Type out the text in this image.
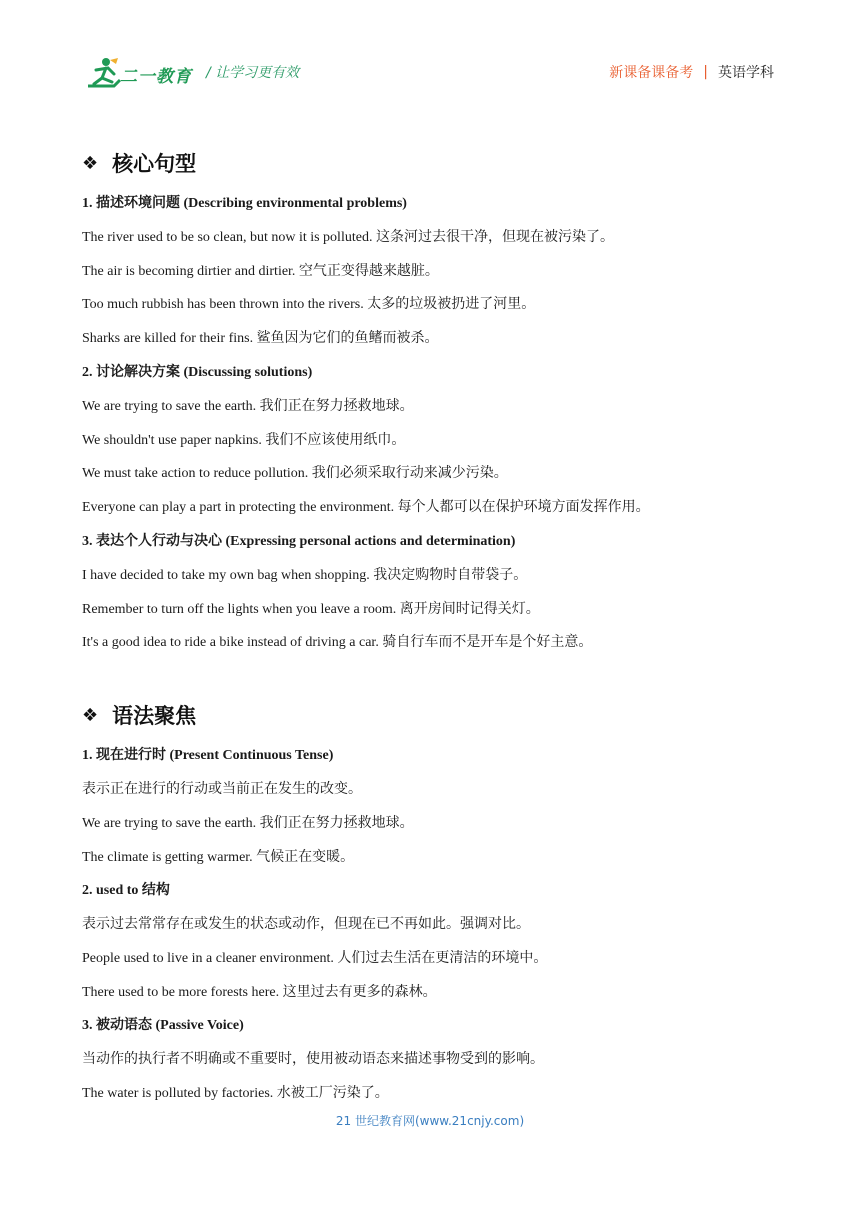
二一教育 / 让学习更有效	新课备课备考 | 英语学科
❖ 核心句型
1. 描述环境问题 (Describing environmental problems)
The river used to be so clean, but now it is polluted. 这条河过去很干净，但现在被污染了。
The air is becoming dirtier and dirtier. 空气正变得越来越脏。
Too much rubbish has been thrown into the rivers. 太多的垃圾被扔进了河里。
Sharks are killed for their fins. 鲨鱼因为它们的鱼鳍而被杀。
2. 讨论解决方案 (Discussing solutions)
We are trying to save the earth. 我们正在努力拯救地球。
We shouldn't use paper napkins. 我们不应该使用纸巾。
We must take action to reduce pollution. 我们必须采取行动来减少污染。
Everyone can play a part in protecting the environment. 每个人都可以在保护环境方面发挥作用。
3. 表达个人行动与决心 (Expressing personal actions and determination)
I have decided to take my own bag when shopping. 我决定购物时自带袋子。
Remember to turn off the lights when you leave a room. 离开房间时记得关灯。
It's a good idea to ride a bike instead of driving a car. 骑自行车而不是开车是个好主意。
❖ 语法聚焦
1. 现在进行时 (Present Continuous Tense)
表示正在进行的行动或当前正在发生的改变。
We are trying to save the earth. 我们正在努力拯救地球。
The climate is getting warmer. 气候正在变暖。
2. used to 结构
表示过去常常存在或发生的状态或动作，但现在已不再如此。强调对比。
People used to live in a cleaner environment. 人们过去生活在更清洁的环境中。
There used to be more forests here. 这里过去有更多的森林。
3. 被动语态 (Passive Voice)
当动作的执行者不明确或不重要时，使用被动语态来描述事物受到的影响。
The water is polluted by factories. 水被工厂污染了。
21 世纪教育网(www.21cnjy.com)
